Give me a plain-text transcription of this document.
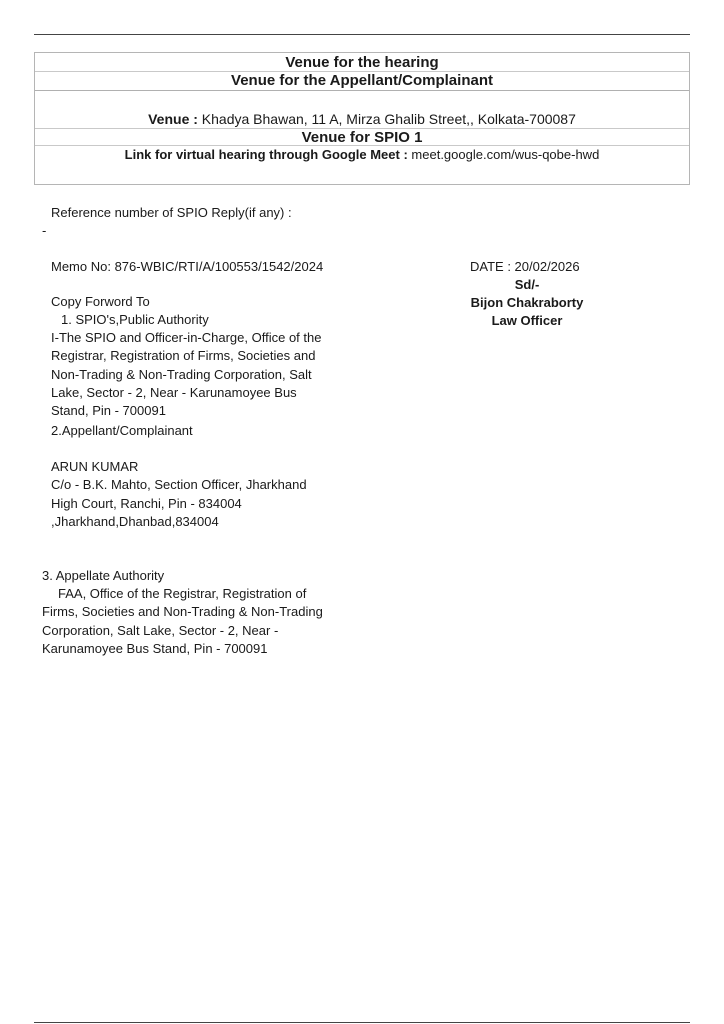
Venue for the hearing
Venue for the Appellant/Complainant
Venue : Khadya Bhawan, 11 A, Mirza Ghalib Street,, Kolkata-700087
Venue for SPIO 1
Link for virtual hearing through Google Meet : meet.google.com/wus-qobe-hwd
Reference number of SPIO Reply(if any) :
-
Memo No: 876-WBIC/RTI/A/100553/1542/2024	DATE : 20/02/2026
Sd/-
Bijon Chakraborty
Law Officer
Copy Forword To
1. SPIO's,Public Authority
I-The SPIO and Officer-in-Charge, Office of the
Registrar, Registration of Firms, Societies and
Non-Trading & Non-Trading Corporation, Salt
Lake, Sector - 2, Near - Karunamoyee Bus
Stand, Pin - 700091
2.Appellant/Complainant
ARUN KUMAR
C/o - B.K. Mahto, Section Officer, Jharkhand
High Court, Ranchi, Pin - 834004
,Jharkhand,Dhanbad,834004
3. Appellate Authority
FAA, Office of the Registrar, Registration of
Firms, Societies and Non-Trading & Non-Trading
Corporation, Salt Lake, Sector - 2, Near -
Karunamoyee Bus Stand, Pin - 700091
